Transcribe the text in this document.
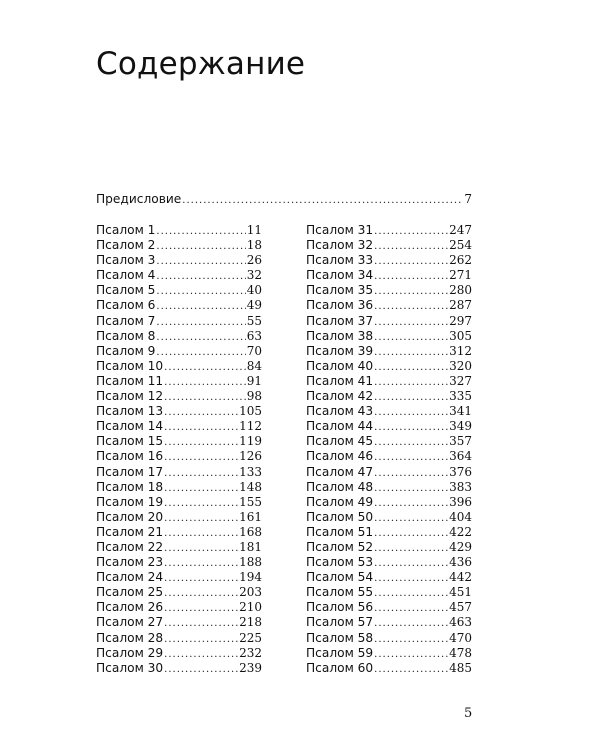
Содержание
Предисловие .....	7
Псалом 1 .....	11
Псалом 2 .....	18
Псалом 3 .....	26
Псалом 4 .....	32
Псалом 5 .....	40
Псалом 6 .....	49
Псалом 7 .....	55
Псалом 8 .....	63
Псалом 9 .....	70
Псалом 10 .....	84
Псалом 11 .....	91
Псалом 12 .....	98
Псалом 13 .....	105
Псалом 14 .....	112
Псалом 15 .....	119
Псалом 16 .....	126
Псалом 17 .....	133
Псалом 18 .....	148
Псалом 19 .....	155
Псалом 20 .....	161
Псалом 21 .....	168
Псалом 22 .....	181
Псалом 23 .....	188
Псалом 24 .....	194
Псалом 25 .....	203
Псалом 26 .....	210
Псалом 27 .....	218
Псалом 28 .....	225
Псалом 29 .....	232
Псалом 30 .....	239
Псалом 31 .....	247
Псалом 32 .....	254
Псалом 33 .....	262
Псалом 34 .....	271
Псалом 35 .....	280
Псалом 36 .....	287
Псалом 37 .....	297
Псалом 38 .....	305
Псалом 39 .....	312
Псалом 40 .....	320
Псалом 41 .....	327
Псалом 42 .....	335
Псалом 43 .....	341
Псалом 44 .....	349
Псалом 45 .....	357
Псалом 46 .....	364
Псалом 47 .....	376
Псалом 48 .....	383
Псалом 49 .....	396
Псалом 50 .....	404
Псалом 51 .....	422
Псалом 52 .....	429
Псалом 53 .....	436
Псалом 54 .....	442
Псалом 55 .....	451
Псалом 56 .....	457
Псалом 57 .....	463
Псалом 58 .....	470
Псалом 59 .....	478
Псалом 60 .....	485
5
